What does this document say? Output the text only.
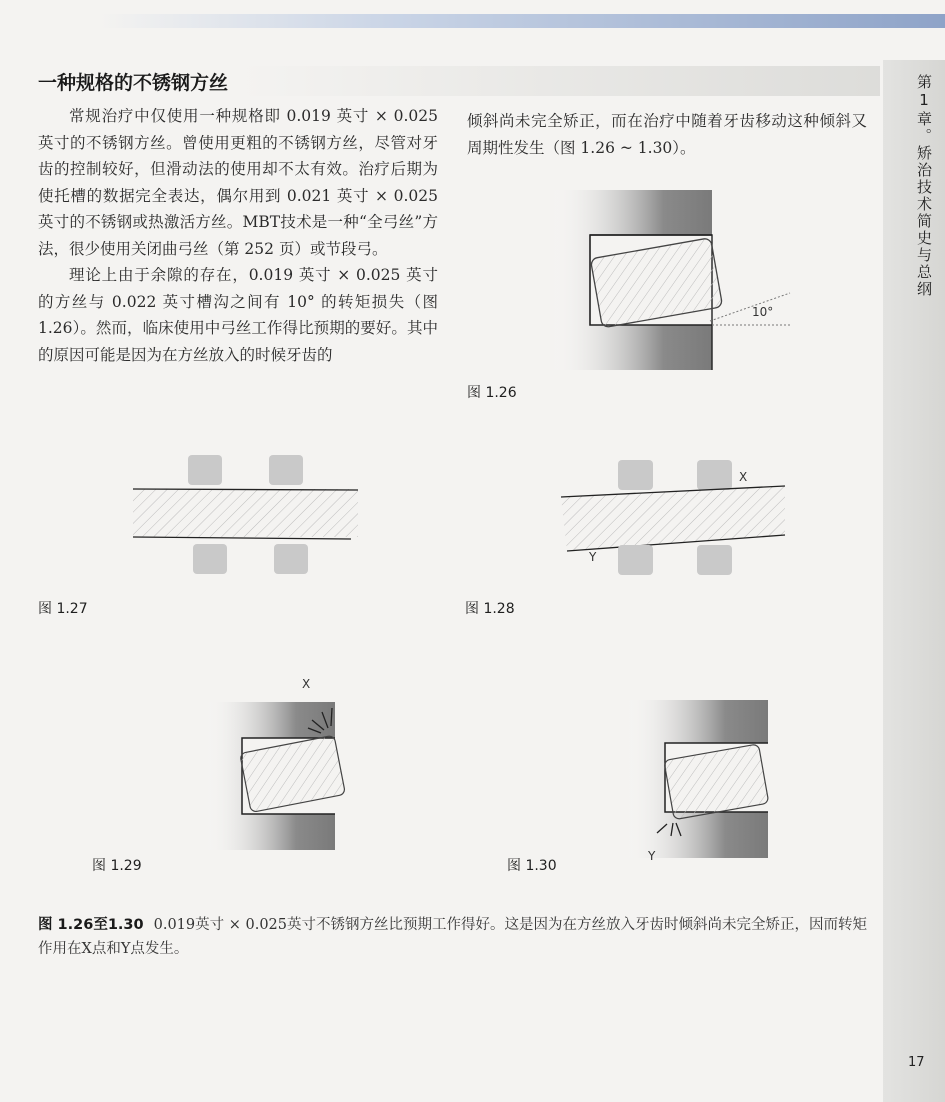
第1章。矫治技术简史与总纲
一种规格的不锈钢方丝

常规治疗中仅使用一种规格即 0.019 英寸 × 0.025 英寸的不锈钢方丝。曾使用更粗的不锈钢方丝，尽管对牙齿的控制较好，但滑动法的使用却不太有效。治疗后期为使托槽的数据完全表达，偶尔用到 0.021 英寸 × 0.025 英寸的不锈钢或热激活方丝。MBT技术是一种“全弓丝”方法，很少使用关闭曲弓丝（第 252 页）或节段弓。

理论上由于余隙的存在，0.019 英寸 × 0.025 英寸的方丝与 0.022 英寸槽沟之间有 10° 的转矩损失（图1.26）。然而，临床使用中弓丝工作得比预期的要好。其中的原因可能是因为在方丝放入的时候牙齿的

倾斜尚未完全矫正，而在治疗中随着牙齿移动这种倾斜又周期性发生（图 1.26 ~ 1.30）。

10°
图 1.26
图 1.27
X
Y
图 1.28
X
图 1.29
Y
图 1.30
图 1.26至1.30 0.019英寸 × 0.025英寸不锈钢方丝比预期工作得好。这是因为在方丝放入牙齿时倾斜尚未完全矫正，因而转矩作用在X点和Y点发生。
17
